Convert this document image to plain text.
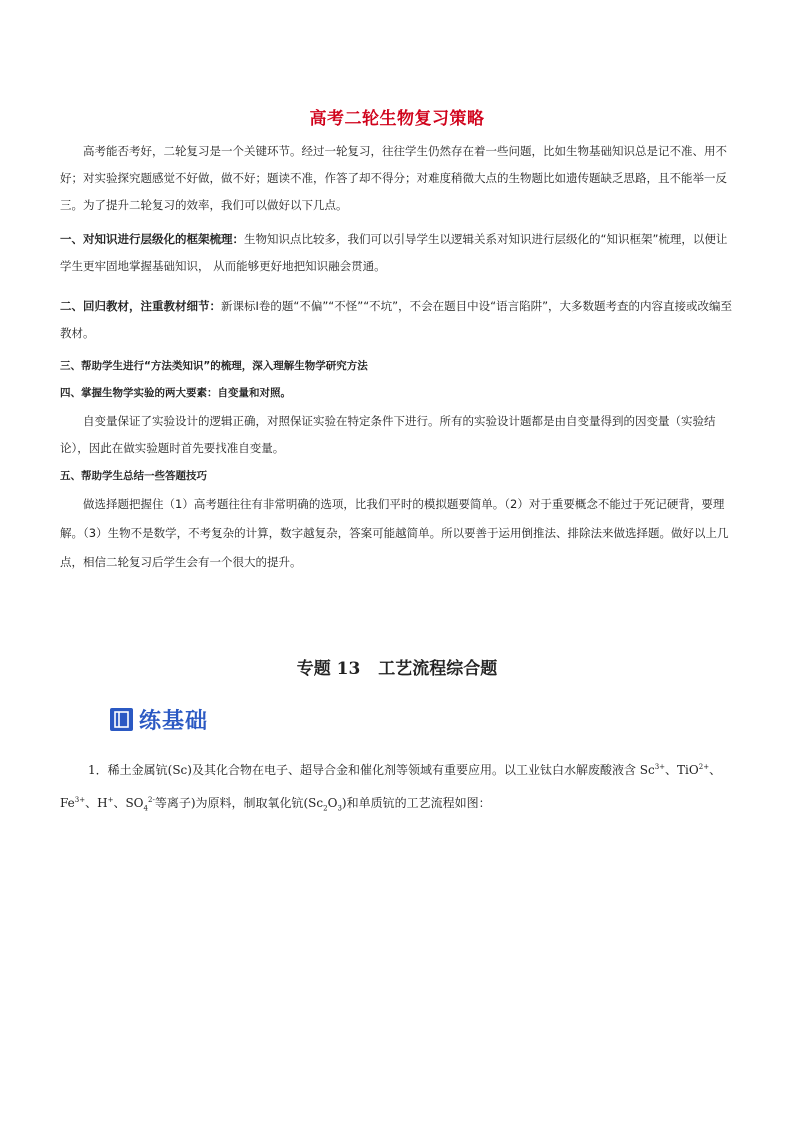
高考二轮生物复习策略

高考能否考好，二轮复习是一个关键环节。经过一轮复习，往往学生仍然存在着一些问题，比如生物基础知识总是记不准、用不好；对实验探究题感觉不好做，做不好；题读不准，作答了却不得分；对难度稍微大点的生物题比如遗传题缺乏思路，且不能举一反三。为了提升二轮复习的效率，我们可以做好以下几点。

一、对知识进行层级化的框架梳理：生物知识点比较多，我们可以引导学生以逻辑关系对知识进行层级化的“知识框架”梳理，以便让学生更牢固地掌握基础知识， 从而能够更好地把知识融会贯通。

二、回归教材，注重教材细节：新课标Ⅰ卷的题“不偏”“不怪”“不坑”，不会在题目中设“语言陷阱”，大多数题考查的内容直接或改编至教材。

三、帮助学生进行“方法类知识”的梳理，深入理解生物学研究方法

四、掌握生物学实验的两大要素：自变量和对照。

自变量保证了实验设计的逻辑正确，对照保证实验在特定条件下进行。所有的实验设计题都是由自变量得到的因变量（实验结论），因此在做实验题时首先要找准自变量。

五、帮助学生总结一些答题技巧

做选择题把握住（1）高考题往往有非常明确的选项，比我们平时的模拟题要简单。（2）对于重要概念不能过于死记硬背，要理解。（3）生物不是数学，不考复杂的计算，数字越复杂，答案可能越简单。所以要善于运用倒推法、排除法来做选择题。做好以上几点，相信二轮复习后学生会有一个很大的提升。

专题 13 工艺流程综合题
练基础

1．稀土金属钪(Sc)及其化合物在电子、超导合金和催化剂等领域有重要应用。以工业钛白水解废酸液含 $Sc^{3+}$、TiO$^{2+}$、$Fe^{3+}$、H+、$SO_4^{2-}$等离子)为原料，制取氧化钪$(Sc_2O_3)$和单质钪的工艺流程如图：
